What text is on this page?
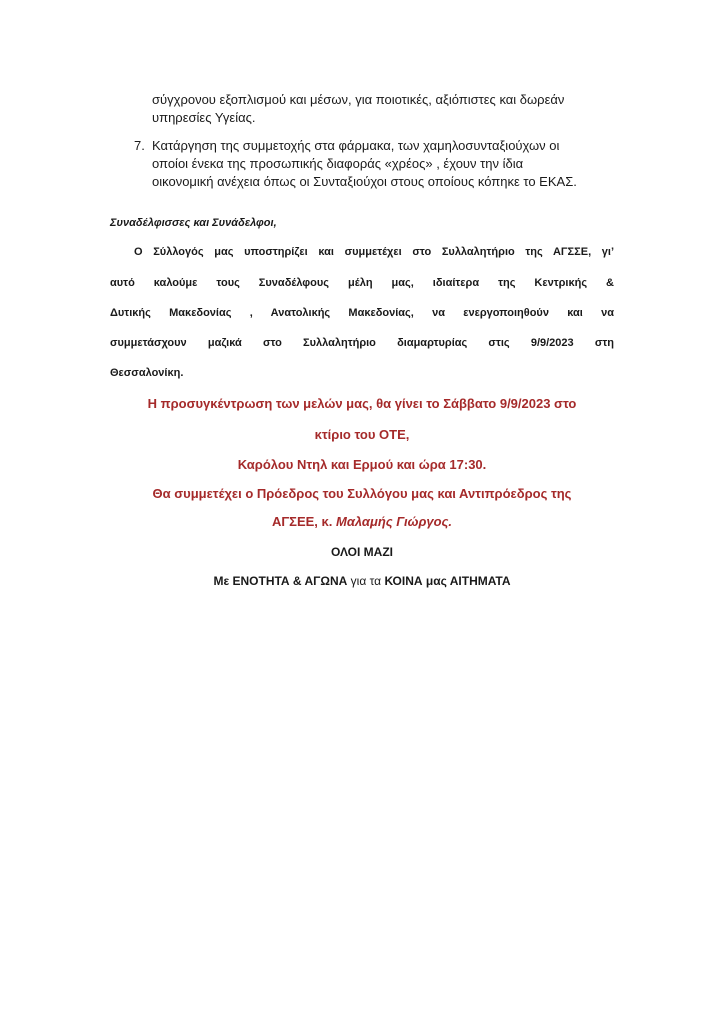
σύγχρονου εξοπλισμού και μέσων, για ποιοτικές, αξιόπιστες και δωρεάν
υπηρεσίες Υγείας.
7. Κατάργηση της συμμετοχής στα φάρμακα, των χαμηλοσυνταξιούχων οι
οποίοι ένεκα της προσωπικής διαφοράς «χρέος» , έχουν την ίδια
οικονομική ανέχεια όπως οι Συνταξιούχοι στους οποίους κόπηκε το ΕΚΑΣ.
Συναδέλφισσες και Συνάδελφοι,
Ο Σύλλογός μας υποστηρίζει και συμμετέχει στο Συλλαλητήριο της ΑΓΣΣΕ, γι’
αυτό καλούμε τους Συναδέλφους μέλη μας, ιδιαίτερα της Κεντρικής &
Δυτικής Μακεδονίας , Ανατολικής Μακεδονίας, να ενεργοποιηθούν και να
συμμετάσχουν μαζικά στο Συλλαλητήριο διαμαρτυρίας στις 9/9/2023 στη
Θεσσαλονίκη.
Η προσυγκέντρωση των μελών μας, θα γίνει το Σάββατο 9/9/2023 στο
κτίριο του ΟΤΕ,
Καρόλου Ντηλ και Ερμού και ώρα 17:30.
Θα συμμετέχει ο Πρόεδρος του Συλλόγου μας και Αντιπρόεδρος της
ΑΓΣΕΕ, κ. Μαλαμής Γιώργος.
ΟΛΟΙ ΜΑΖΙ
Με ΕΝΟΤΗΤΑ & ΑΓΩΝΑ για τα ΚΟΙΝΑ μας ΑΙΤΗΜΑΤΑ
